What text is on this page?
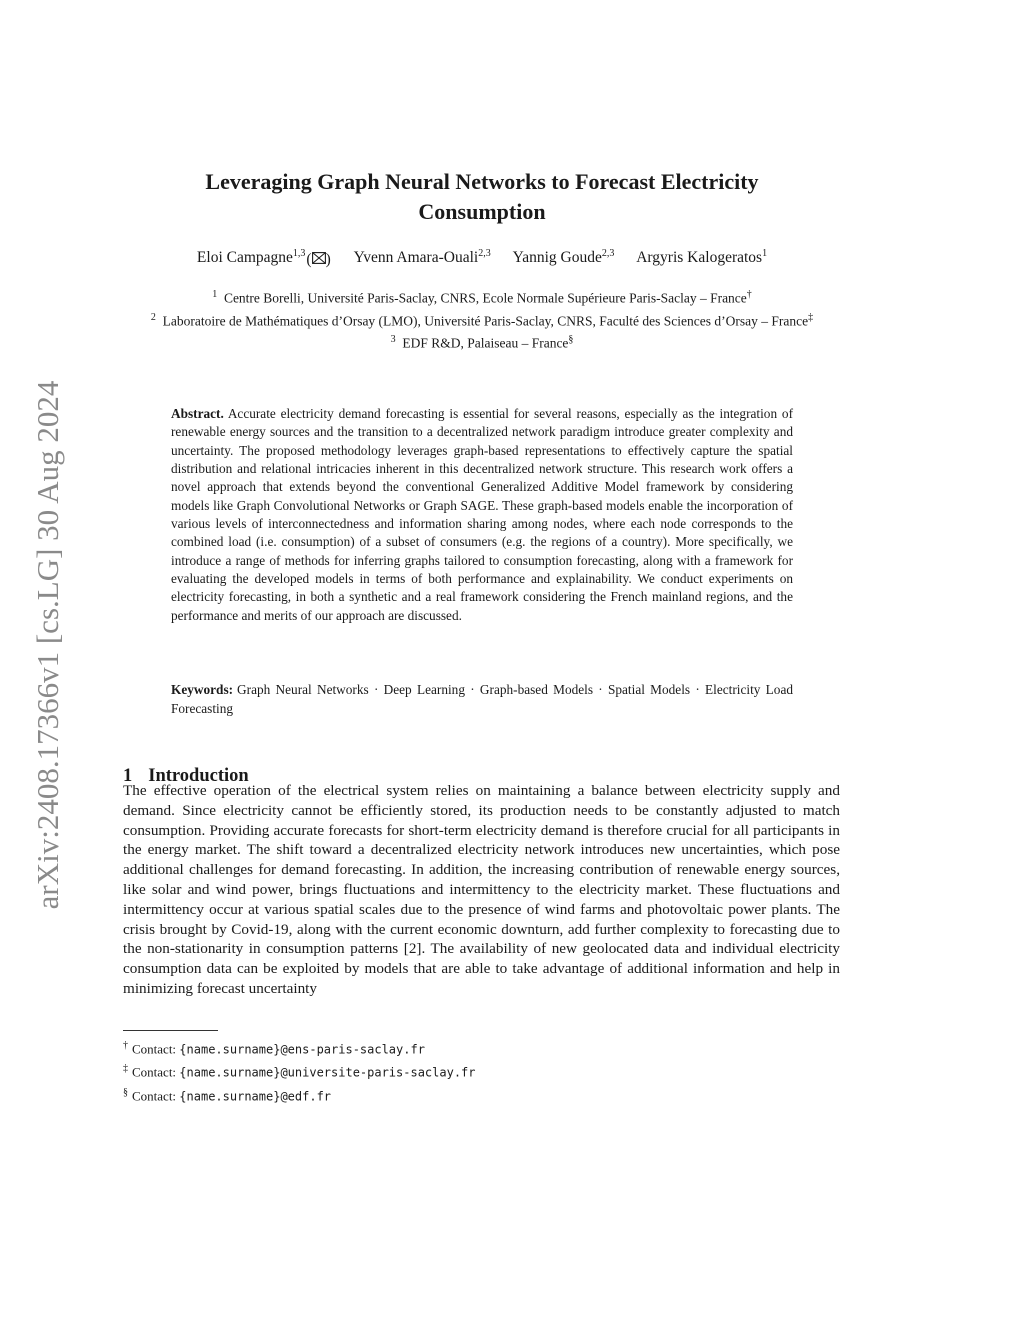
arXiv:2408.17366v1 [cs.LG] 30 Aug 2024
Leveraging Graph Neural Networks to Forecast Electricity Consumption
Eloi Campagne$^{1,3}$( ) Yvenn Amara-Ouali$^{2,3}$ Yannig Goude$^{2,3}$ Argyris Kalogeratos$^1$

$^1$ Centre Borelli, Université Paris-Saclay, CNRS, Ecole Normale Supérieure Paris-Saclay – France†

$^2$ Laboratoire de Mathématiques d’Orsay (LMO), Université Paris-Saclay, CNRS, Faculté des Sciences d’Orsay – France‡

$^3$ EDF R&D, Palaiseau – France§

Abstract. Accurate electricity demand forecasting is essential for several reasons, especially as the integration of renewable energy sources and the transition to a decentralized network paradigm introduce greater complexity and uncertainty. The proposed methodology leverages graph-based representations to effectively capture the spatial distribution and relational intricacies inherent in this decentralized network structure. This research work offers a novel approach that extends beyond the conventional Generalized Additive Model framework by considering models like Graph Convolutional Networks or Graph SAGE. These graph-based models enable the incorporation of various levels of interconnectedness and information sharing among nodes, where each node corresponds to the combined load (i.e. consumption) of a subset of consumers (e.g. the regions of a country). More specifically, we introduce a range of methods for inferring graphs tailored to consumption forecasting, along with a framework for evaluating the developed models in terms of both performance and explainability. We conduct experiments on electricity forecasting, in both a synthetic and a real framework considering the French mainland regions, and the performance and merits of our approach are discussed.
Keywords: Graph Neural Networks · Deep Learning · Graph-based Models · Spatial Models · Electricity Load Forecasting
1 Introduction
The effective operation of the electrical system relies on maintaining a balance between electricity supply and demand. Since electricity cannot be efficiently stored, its production needs to be constantly adjusted to match consumption. Providing accurate forecasts for short-term electricity demand is therefore crucial for all participants in the energy market. The shift toward a decentralized electricity network introduces new uncertainties, which pose additional challenges for demand forecasting. In addition, the increasing contribution of renewable energy sources, like solar and wind power, brings fluctuations and intermittency to the electricity market. These fluctuations and intermittency occur at various spatial scales due to the presence of wind farms and photovoltaic power plants. The crisis brought by Covid-19, along with the current economic downturn, add further complexity to forecasting due to the non-stationarity in consumption patterns [2]. The availability of new geolocated data and individual electricity consumption data can be exploited by models that are able to take advantage of additional information and help in minimizing forecast uncertainty

† Contact: {name.surname}@ens-paris-saclay.fr

‡ Contact: {name.surname}@universite-paris-saclay.fr

§ Contact: {name.surname}@edf.fr
